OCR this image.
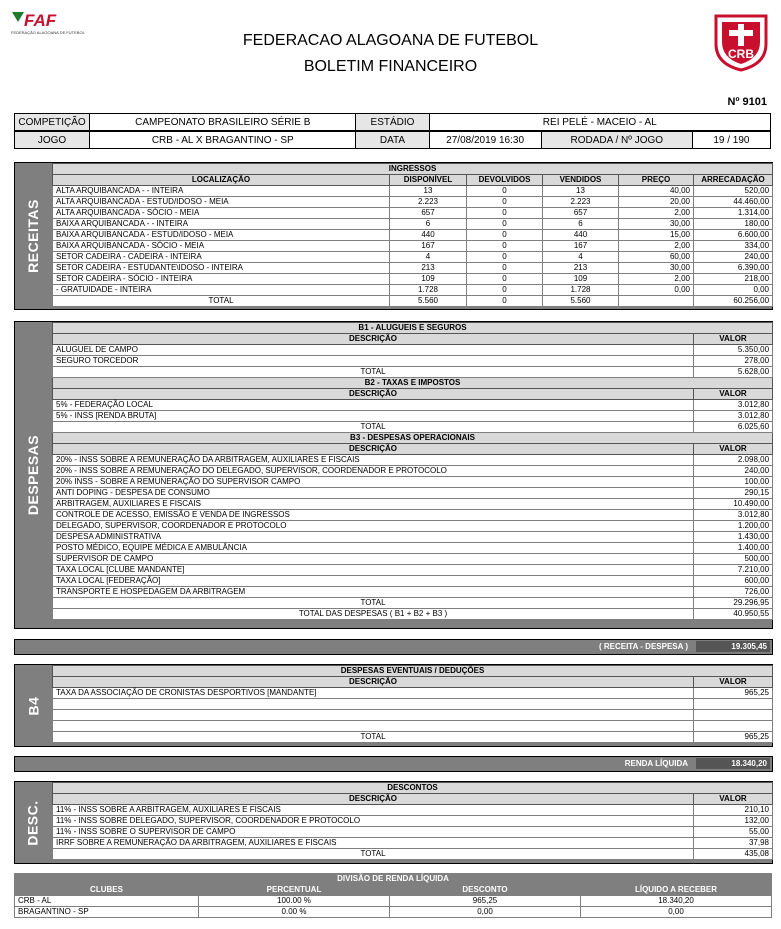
FAF
FEDERAÇÃO ALAGOANA DE FUTEBOL	FEDERACAO ALAGOANA DE FUTEBOL
BOLETIM FINANCEIRO
CRB
Nº 9101
COMPETIÇÃO	CAMPEONATO BRASILEIRO SÉRIE B	ESTÁDIO	REI PELÉ - MACEIO - AL
JOGO	CRB - AL X BRAGANTINO - SP	DATA	27/08/2019 16:30	RODADA / Nº JOGO	19 / 190
RECEITAS
INGRESSOS					
LOCALIZAÇÃO	DISPONÍVEL	DEVOLVIDOS	VENDIDOS	PREÇO	ARRECADAÇÃO
ALTA ARQUIBANCADA - - INTEIRA	13	0	13	40,00	520,00
ALTA ARQUIBANCADA - ESTUD/IDOSO - MEIA	2.223	0	2.223	20,00	44.460,00
ALTA ARQUIBANCADA - SÓCIO - MEIA	657	0	657	2,00	1.314,00
BAIXA ARQUIBANCADA - - INTEIRA	6	0	6	30,00	180,00
BAIXA ARQUIBANCADA - ESTUD/IDOSO - MEIA	440	0	440	15,00	6.600,00
BAIXA ARQUIBANCADA - SÓCIO - MEIA	167	0	167	2,00	334,00
SETOR CADEIRA - CADEIRA - INTEIRA	4	0	4	60,00	240,00
SETOR CADEIRA - ESTUDANTE\IDOSO - INTEIRA	213	0	213	30,00	6.390,00
SETOR CADEIRA - SÓCIO - INTEIRA	109	0	109	2,00	218,00
- GRATUIDADE - INTEIRA	1.728	0	1.728	0,00	0,00
TOTAL	5.560	0	5.560		60.256,00
DESPESAS
B1 - ALUGUEIS E SEGUROS	
DESCRIÇÃO	VALOR
ALUGUEL DE CAMPO	5.350,00
SEGURO TORCEDOR	278,00
TOTAL	5.628,00
B2 - TAXAS E IMPOSTOS	
DESCRIÇÃO	VALOR
5% - FEDERAÇÃO LOCAL	3.012,80
5% - INSS [RENDA BRUTA]	3.012,80
TOTAL	6.025,60
B3 - DESPESAS OPERACIONAIS	
DESCRIÇÃO	VALOR
20% - INSS SOBRE A REMUNERAÇÃO DA ARBITRAGEM, AUXILIARES E FISCAIS	2.098,00
20% - INSS SOBRE A REMUNERAÇÃO DO DELEGADO, SUPERVISOR, COORDENADOR E PROTOCOLO	240,00
20% INSS - SOBRE A REMUNERAÇÃO DO SUPERVISOR CAMPO	100,00
ANTI DOPING - DESPESA DE CONSUMO	290,15
ARBITRAGEM, AUXILIARES E FISCAIS	10.490,00
CONTROLE DE ACESSO, EMISSÃO E VENDA DE INGRESSOS	3.012,80
DELEGADO, SUPERVISOR, COORDENADOR E PROTOCOLO	1.200,00
DESPESA ADMINISTRATIVA	1.430,00
POSTO MÉDICO, EQUIPE MÉDICA E AMBULÂNCIA	1.400,00
SUPERVISOR DE CAMPO	500,00
TAXA LOCAL [CLUBE MANDANTE]	7.210,00
TAXA LOCAL [FEDERAÇÃO]	600,00
TRANSPORTE E HOSPEDAGEM DA ARBITRAGEM	726,00
TOTAL	29.296,95
TOTAL DAS DESPESAS ( B1 + B2 + B3 )	40.950,55
( RECEITA - DESPESA )	19.305,45
B4
DESPESAS EVENTUAIS / DEDUÇÕES	
DESCRIÇÃO	VALOR
TAXA DA ASSOCIAÇÃO DE CRONISTAS DESPORTIVOS [MANDANTE]	965,25

TOTAL	965,25
RENDA LÍQUIDA	18.340,20
DESC.
DESCONTOS	
DESCRIÇÃO	VALOR
11% - INSS SOBRE A ARBITRAGEM, AUXILIARES E FISCAIS	210,10
11% - INSS SOBRE DELEGADO, SUPERVISOR, COORDENADOR E PROTOCOLO	132,00
11% - INSS SOBRE O SUPERVISOR DE CAMPO	55,00
IRRF SOBRE A REMUNERAÇÃO DA ARBITRAGEM, AUXILIARES E FISCAIS	37,98
TOTAL	435,08
DIVISÃO DE RENDA LÍQUIDA			
CLUBES	PERCENTUAL	DESCONTO	LÍQUIDO A RECEBER
CRB - AL	100.00 %	965,25	18.340,20
BRAGANTINO - SP	0.00 %	0,00	0,00
